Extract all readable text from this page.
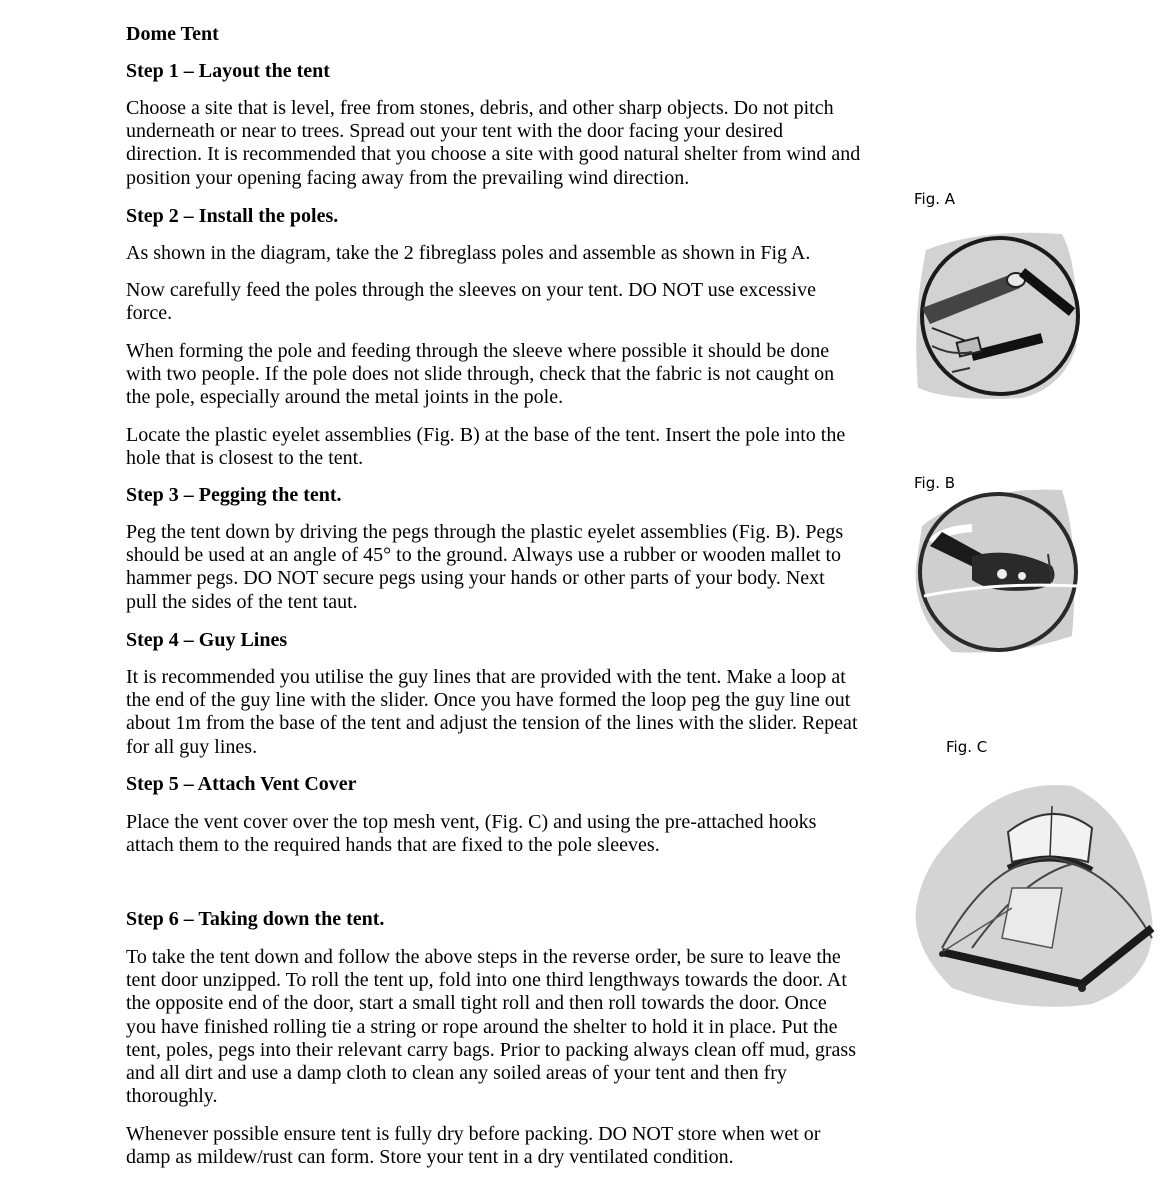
Dome Tent
Step 1 – Layout the tent
Choose a site that is level, free from stones, debris, and other sharp objects. Do not pitch
underneath or near to trees. Spread out your tent with the door facing your desired
direction. It is recommended that you choose a site with good natural shelter from wind and
position your opening facing away from the prevailing wind direction.
Step 2 – Install the poles.
As shown in the diagram, take the 2 fibreglass poles and assemble as shown in Fig A.
Now carefully feed the poles through the sleeves on your tent. DO NOT use excessive
force.
When forming the pole and feeding through the sleeve where possible it should be done
with two people. If the pole does not slide through, check that the fabric is not caught on
the pole, especially around the metal joints in the pole.
Locate the plastic eyelet assemblies (Fig. B) at the base of the tent. Insert the pole into the
hole that is closest to the tent.
Step 3 – Pegging the tent.
Peg the tent down by driving the pegs through the plastic eyelet assemblies (Fig. B). Pegs
should be used at an angle of 45° to the ground. Always use a rubber or wooden mallet to
hammer pegs. DO NOT secure pegs using your hands or other parts of your body. Next
pull the sides of the tent taut.
Step 4 – Guy Lines
It is recommended you utilise the guy lines that are provided with the tent. Make a loop at
the end of the guy line with the slider. Once you have formed the loop peg the guy line out
about 1m from the base of the tent and adjust the tension of the lines with the slider. Repeat
for all guy lines.
Step 5 – Attach Vent Cover
Place the vent cover over the top mesh vent, (Fig. C) and using the pre-attached hooks
attach them to the required hands that are fixed to the pole sleeves.
Step 6 – Taking down the tent.
To take the tent down and follow the above steps in the reverse order, be sure to leave the
tent door unzipped. To roll the tent up, fold into one third lengthways towards the door. At
the opposite end of the door, start a small tight roll and then roll towards the door. Once
you have finished rolling tie a string or rope around the shelter to hold it in place. Put the
tent, poles, pegs into their relevant carry bags. Prior to packing always clean off mud, grass
and all dirt and use a damp cloth to clean any soiled areas of your tent and then fry
thoroughly.
Whenever possible ensure tent is fully dry before packing. DO NOT store when wet or
damp as mildew/rust can form. Store your tent in a dry ventilated condition.
Fig. A
Fig. B
Fig. C
